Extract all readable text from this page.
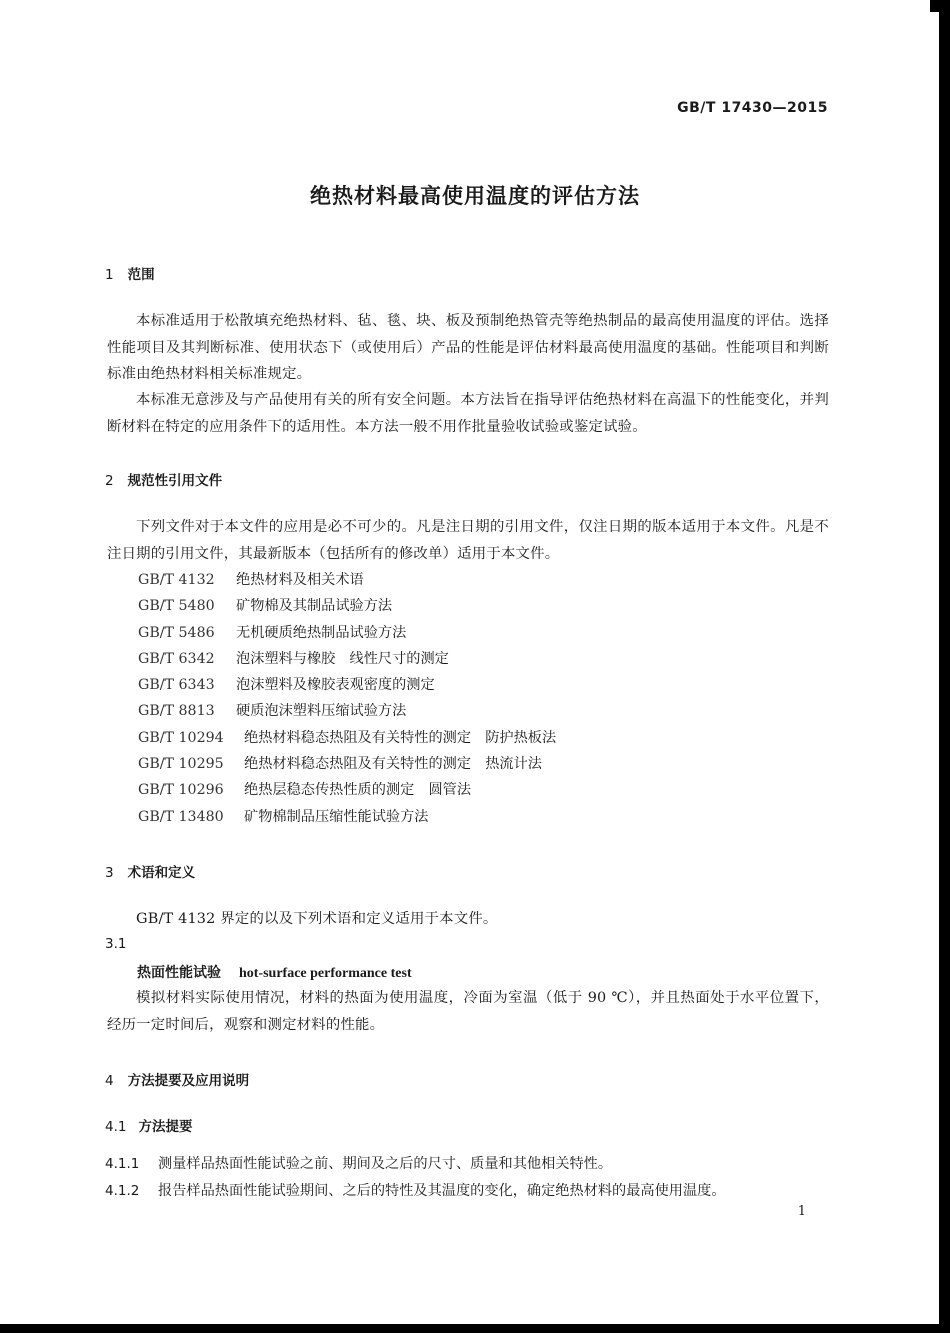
GB/T 17430—2015
绝热材料最高使用温度的评估方法
1 范围
本标准适用于松散填充绝热材料、毡、毯、块、板及预制绝热管壳等绝热制品的最高使用温度的评估。选择性能项目及其判断标准、使用状态下（或使用后）产品的性能是评估材料最高使用温度的基础。性能项目和判断标准由绝热材料相关标准规定。
本标准无意涉及与产品使用有关的所有安全问题。本方法旨在指导评估绝热材料在高温下的性能变化，并判断材料在特定的应用条件下的适用性。本方法一般不用作批量验收试验或鉴定试验。
2 规范性引用文件
下列文件对于本文件的应用是必不可少的。凡是注日期的引用文件，仅注日期的版本适用于本文件。凡是不注日期的引用文件，其最新版本（包括所有的修改单）适用于本文件。
GB/T 4132 绝热材料及相关术语
GB/T 5480 矿物棉及其制品试验方法
GB/T 5486 无机硬质绝热制品试验方法
GB/T 6342 泡沫塑料与橡胶　线性尺寸的测定
GB/T 6343 泡沫塑料及橡胶表观密度的测定
GB/T 8813 硬质泡沫塑料压缩试验方法
GB/T 10294 绝热材料稳态热阻及有关特性的测定　防护热板法
GB/T 10295 绝热材料稳态热阻及有关特性的测定　热流计法
GB/T 10296 绝热层稳态传热性质的测定　圆管法
GB/T 13480 矿物棉制品压缩性能试验方法
3 术语和定义
GB/T 4132 界定的以及下列术语和定义适用于本文件。
3.1
热面性能试验 hot-surface performance test
模拟材料实际使用情况，材料的热面为使用温度，冷面为室温（低于 90 ℃），并且热面处于水平位置下，经历一定时间后，观察和测定材料的性能。
4 方法提要及应用说明
4.1 方法提要
4.1.1 测量样品热面性能试验之前、期间及之后的尺寸、质量和其他相关特性。
4.1.2 报告样品热面性能试验期间、之后的特性及其温度的变化，确定绝热材料的最高使用温度。
1
